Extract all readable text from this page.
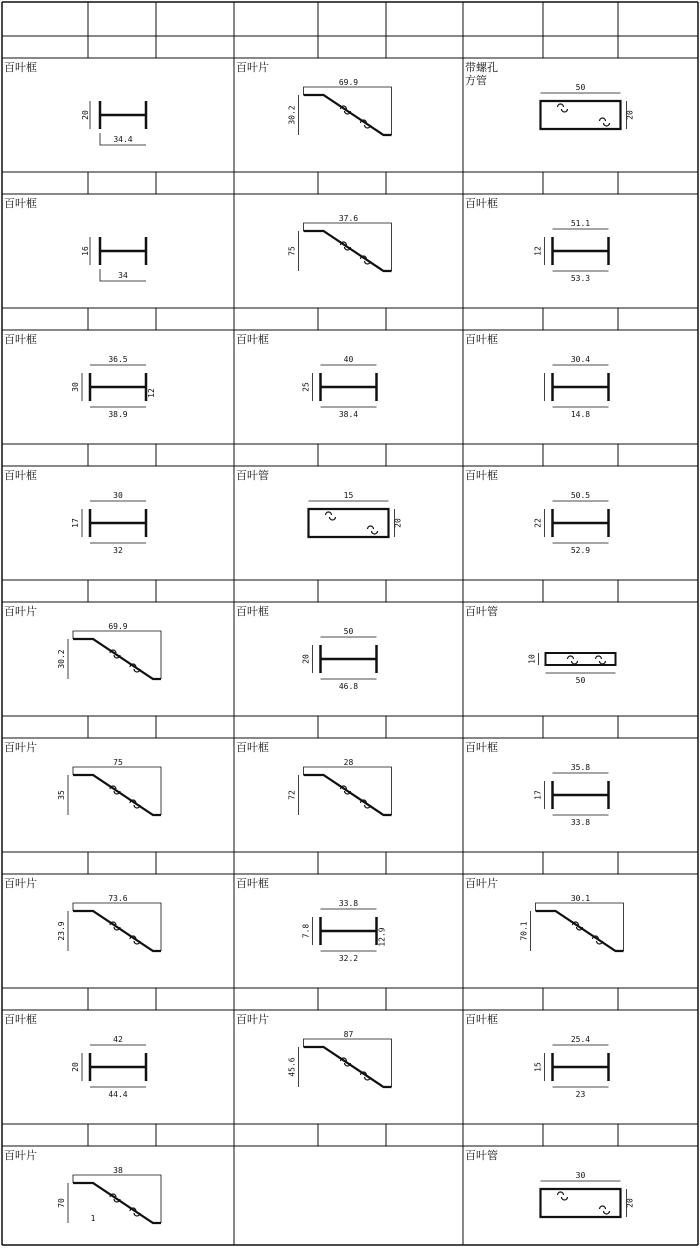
百叶框
20
34.4
百叶片
69.9
30.2
带螺孔
方管
50
20
百叶框
16
34
37.6
75
百叶框
51.1
53.3
12
百叶框
36.5
38.9
30
12
百叶框
40
38.4
25
百叶框
30.4
14.8
百叶框
30
32
17
百叶管
15
20
百叶框
50.5
52.9
22
百叶片
69.9
30.2
百叶框
50
46.8
20
百叶管
10
50
百叶片
75
35
百叶框
28
72
百叶框
35.8
33.8
17
百叶片
73.6
23.9
百叶框
33.8
32.2
7.8	12.9
百叶片
30.1
70.1
百叶框
42
44.4
20
百叶片
87
45.6
百叶框
25.4
23
15
百叶片
38
70
1
百叶管
30
20
